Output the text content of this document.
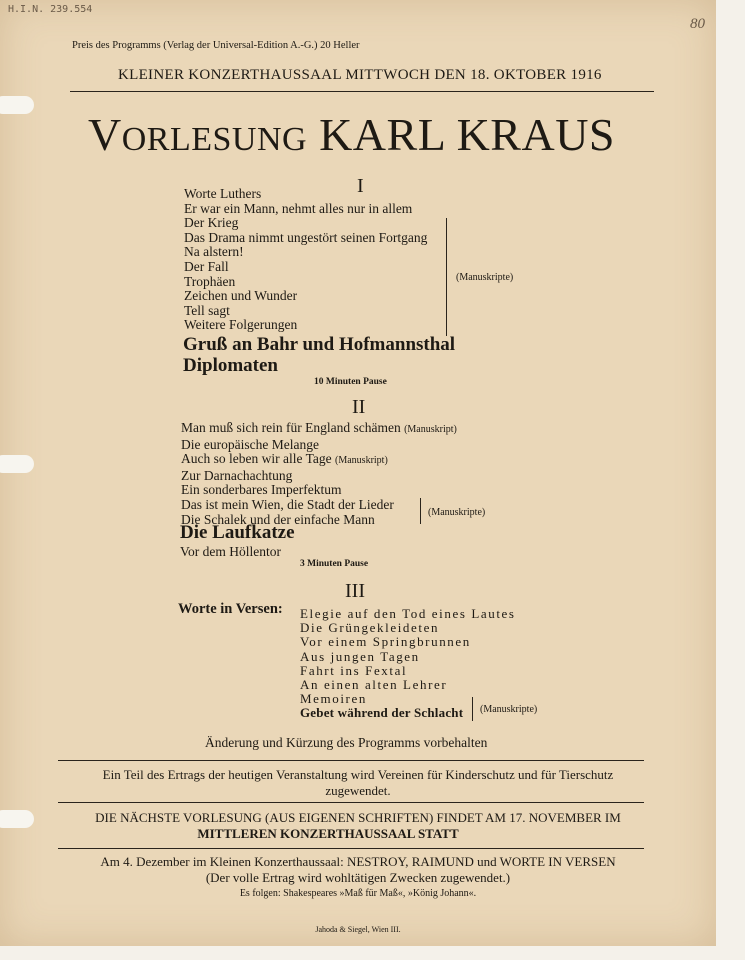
H.I.N. 239.554
80
Preis des Programms (Verlag der Universal-Edition A.-G.) 20 Heller
KLEINER KONZERTHAUSSAAL MITTWOCH DEN 18. OKTOBER 1916
VORLESUNG KARL KRAUS
I
Worte Luthers
Er war ein Mann, nehmt alles nur in allem
Der Krieg
Das Drama nimmt ungestört seinen Fortgang
Na alstern!
Der Fall
Trophäen
Zeichen und Wunder
Tell sagt
Weitere Folgerungen
(Manuskripte)
Gruß an Bahr und Hofmannsthal
Diplomaten
10 Minuten Pause
II
Man muß sich rein für England schämen (Manuskript)
Die europäische Melange
Auch so leben wir alle Tage (Manuskript)
Zur Darnachachtung
Ein sonderbares Imperfektum
Das ist mein Wien, die Stadt der Lieder
Die Schalek und der einfache Mann	(Manuskripte)
Die Laufkatze
Vor dem Höllentor
3 Minuten Pause
III
Worte in Versen: Elegie auf den Tod eines Lautes
Die Grüngekleideten
Vor einem Springbrunnen
Aus jungen Tagen
Fahrt ins Fextal
An einen alten Lehrer
Memoiren
Gebet während der Schlacht	(Manuskripte)
Änderung und Kürzung des Programms vorbehalten
Ein Teil des Ertrags der heutigen Veranstaltung wird Vereinen für Kinderschutz und für Tierschutz
zugewendet.
DIE NÄCHSTE VORLESUNG (AUS EIGENEN SCHRIFTEN) FINDET AM 17. NOVEMBER IM
MITTLEREN KONZERTHAUSSAAL STATT
Am 4. Dezember im Kleinen Konzerthaussaal: NESTROY, RAIMUND und WORTE IN VERSEN
(Der volle Ertrag wird wohltätigen Zwecken zugewendet.)
Es folgen: Shakespeares »Maß für Maß«, »König Johann«.
Jahoda & Siegel, Wien III.
